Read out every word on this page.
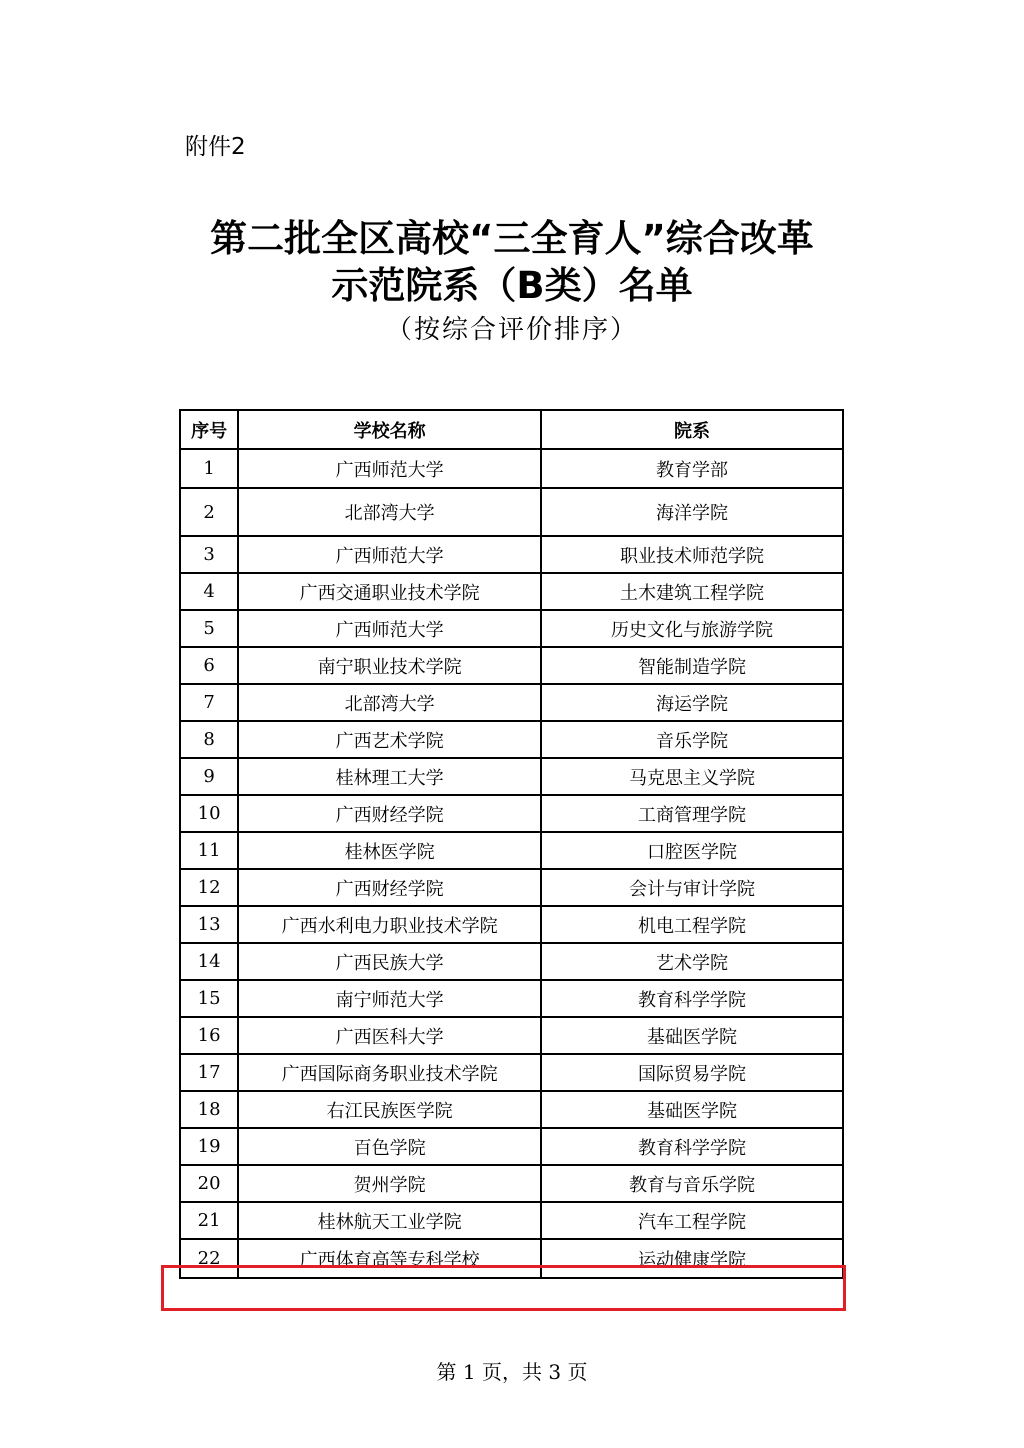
附件2
第二批全区高校“三全育人”综合改革
示范院系（B类）名单
（按综合评价排序）
序号	学校名称	院系
1	广西师范大学	教育学部
2	北部湾大学	海洋学院
3	广西师范大学	职业技术师范学院
4	广西交通职业技术学院	土木建筑工程学院
5	广西师范大学	历史文化与旅游学院
6	南宁职业技术学院	智能制造学院
7	北部湾大学	海运学院
8	广西艺术学院	音乐学院
9	桂林理工大学	马克思主义学院
10	广西财经学院	工商管理学院
11	桂林医学院	口腔医学院
12	广西财经学院	会计与审计学院
13	广西水利电力职业技术学院	机电工程学院
14	广西民族大学	艺术学院
15	南宁师范大学	教育科学学院
16	广西医科大学	基础医学院
17	广西国际商务职业技术学院	国际贸易学院
18	右江民族医学院	基础医学院
19	百色学院	教育科学学院
20	贺州学院	教育与音乐学院
21	桂林航天工业学院	汽车工程学院
22	广西体育高等专科学校	运动健康学院
第 1 页，共 3 页
